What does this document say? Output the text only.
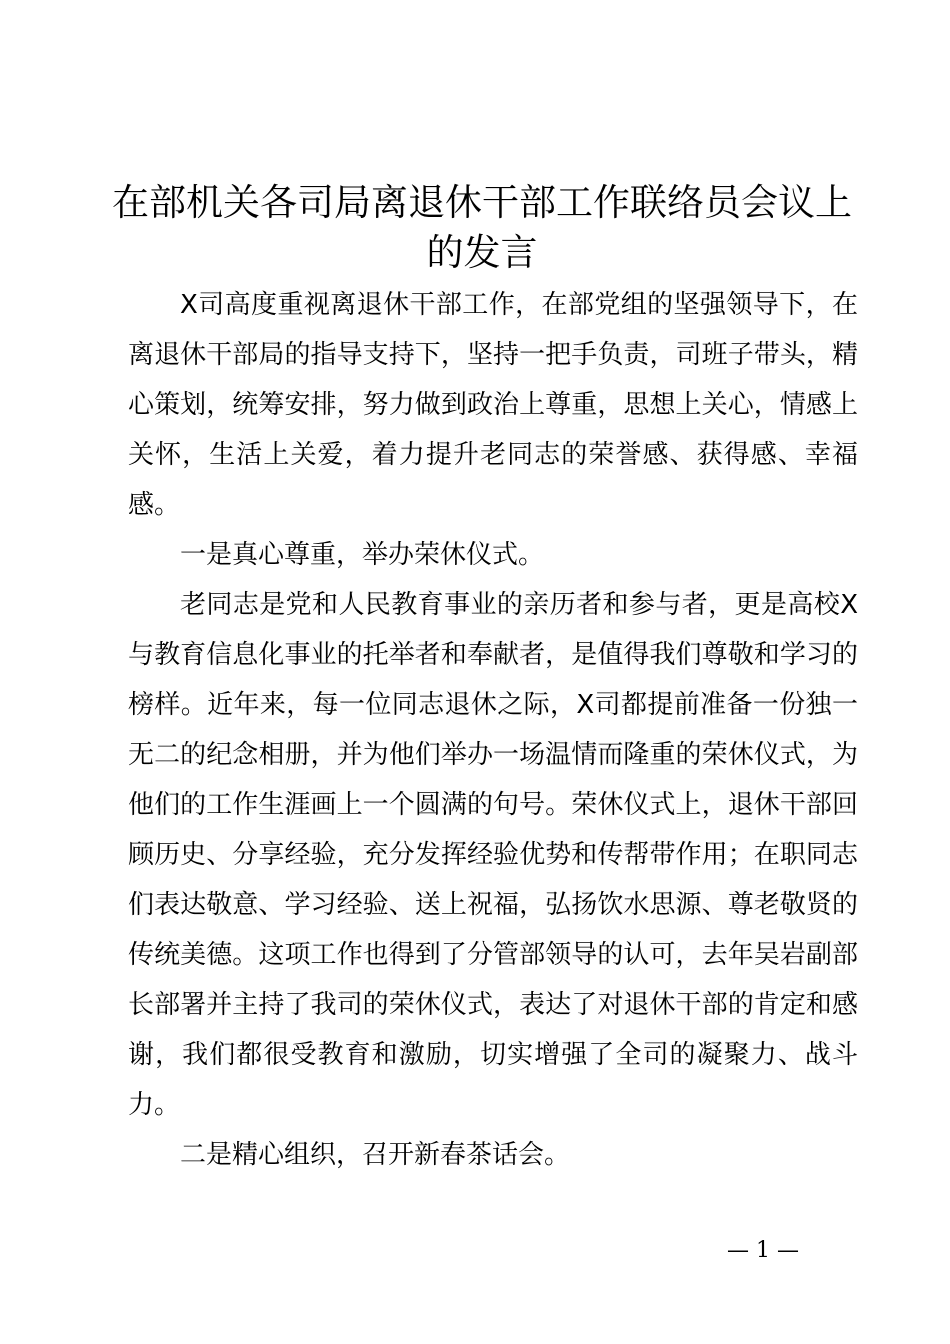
在部机关各司局离退休干部工作联络员会议上
的发言

X司高度重视离退休干部工作，在部党组的坚强领导下，在离退休干部局的指导支持下，坚持一把手负责，司班子带头，精心策划，统筹安排，努力做到政治上尊重，思想上关心，情感上关怀，生活上关爱，着力提升老同志的荣誉感、获得感、幸福感。

一是真心尊重，举办荣休仪式。

老同志是党和人民教育事业的亲历者和参与者，更是高校X与教育信息化事业的托举者和奉献者，是值得我们尊敬和学习的榜样。近年来，每一位同志退休之际，X司都提前准备一份独一无二的纪念相册，并为他们举办一场温情而隆重的荣休仪式，为他们的工作生涯画上一个圆满的句号。荣休仪式上，退休干部回顾历史、分享经验，充分发挥经验优势和传帮带作用；在职同志们表达敬意、学习经验、送上祝福，弘扬饮水思源、尊老敬贤的传统美德。这项工作也得到了分管部领导的认可，去年吴岩副部长部署并主持了我司的荣休仪式，表达了对退休干部的肯定和感谢，我们都很受教育和激励，切实增强了全司的凝聚力、战斗力。

二是精心组织，召开新春茶话会。

— 1 —
